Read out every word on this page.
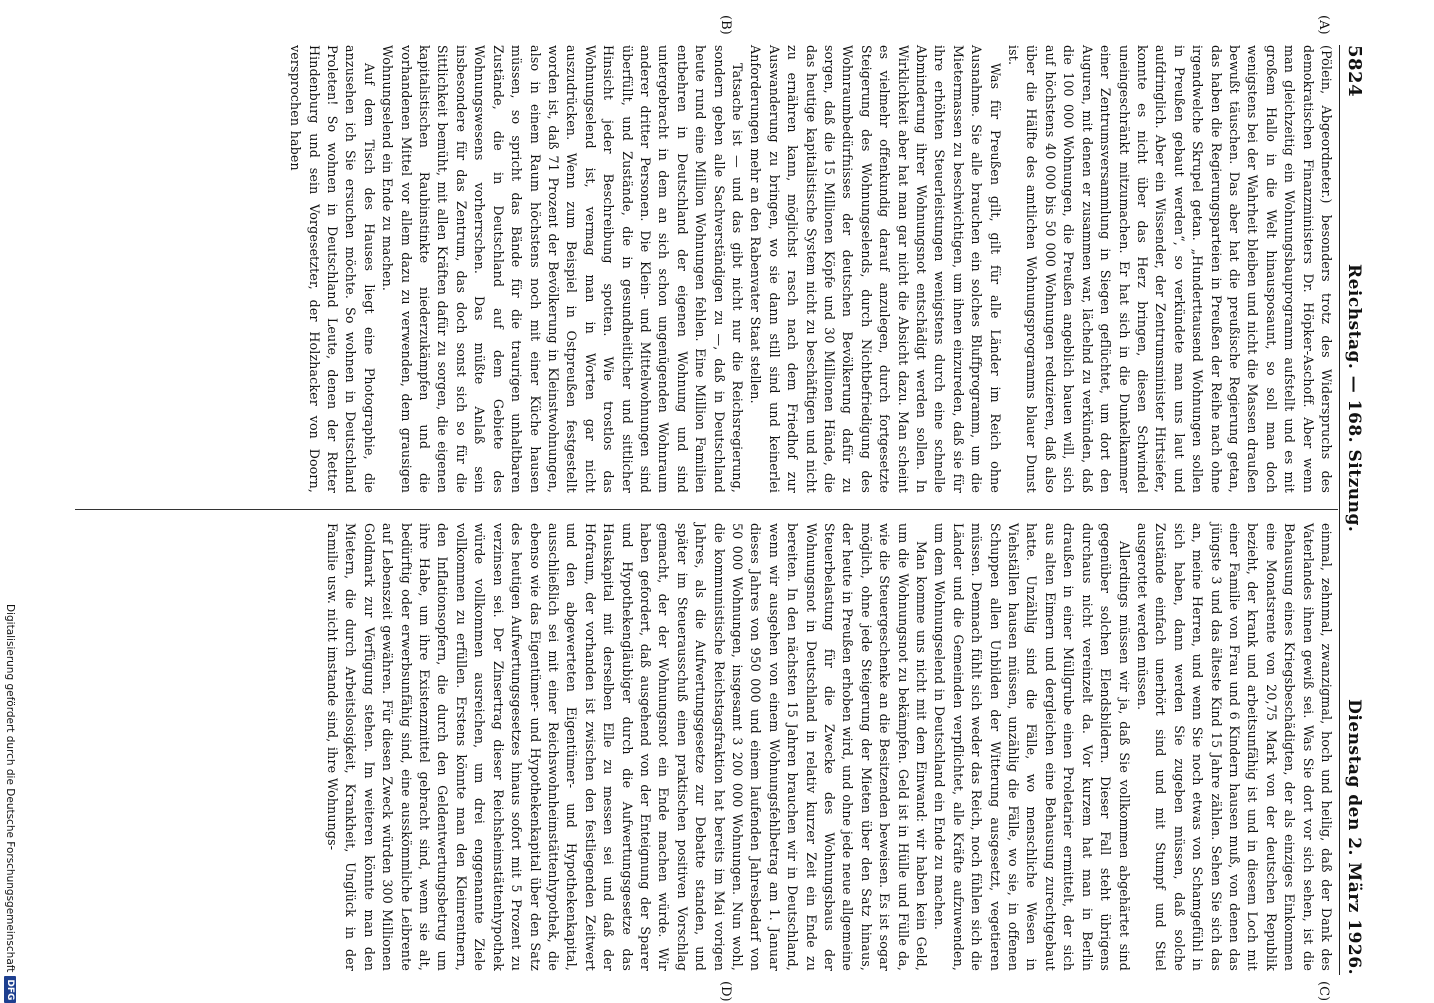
5824
Reichstag. — 168. Sitzung.
Dienstag den 2. März 1926.
(A)
(B)
(C)
(D)

(Pölein, Abgeordneter.) besonders trotz des Widerspruchs des demokratischen Finanzministers Dr. Höpker-Aschoff. Aber wenn man gleichzeitig ein Wohnungsbauprogramm aufstellt und es mit großem Hallo in die Welt hinausposaunt, so soll man doch wenigstens bei der Wahrheit bleiben und nicht die Massen draußen bewußt täuschen. Das aber hat die preußische Regierung getan, das haben die Regierungsparteien in Preußen der Reihe nach ohne irgendwelche Skrupel getan. „Hunderttausend Wohnungen sollen in Preußen gebaut werden“, so verkündete man uns laut und aufdringlich. Aber ein Wissender, der Zentrumsminister Hirtsiefer, konnte es nicht über das Herz bringen, diesen Schwindel uneingeschränkt mitzumachen. Er hat sich in die Dunkelkammer einer Zentrumsversammlung in Siegen geflüchtet, um dort den Auguren, mit denen er zusammen war, lächelnd zu verkünden, daß die 100 000 Wohnungen, die Preußen angeblich bauen will, sich auf höchstens 40 000 bis 50 000 Wohnungen reduzieren, daß also über die Hälfte des amtlichen Wohnungsprogramms blauer Dunst ist.

Was für Preußen gilt, gilt für alle Länder im Reich ohne Ausnahme. Sie alle brauchen ein solches Bluffprogramm, um die Mietermassen zu beschwichtigen, um ihnen einzureden, daß sie für ihre erhöhten Steuerleistungen wenigstens durch eine schnelle Abminderung ihrer Wohnungsnot entschädigt werden sollen. In Wirklichkeit aber hat man gar nicht die Absicht dazu. Man scheint es vielmehr offenkundig darauf anzulegen, durch fortgesetzte Steigerung des Wohnungselends, durch Nichtbefriedigung des Wohnraumbedürfnisses der deutschen Bevölkerung dafür zu sorgen, daß die 15 Millionen Köpfe und 30 Millionen Hände, die das heutige kapitalistische System nicht zu beschäftigen und nicht zu ernähren kann, möglichst rasch nach dem Friedhof zur Auswanderung zu bringen, wo sie dann still sind und keinerlei Anforderungen mehr an den Rabenvater Staat stellen.

Tatsache ist — und das gibt nicht nur die Reichsregierung, sondern geben alle Sachverständigen zu —, daß in Deutschland heute rund eine Million Wohnungen fehlen. Eine Million Familien entbehren in Deutschland der eigenen Wohnung und sind untergebracht in dem an sich schon ungenügenden Wohnraum anderer dritter Personen. Die Klein- und Mittelwohnungen sind überfüllt, und Zustände, die in gesundheitlicher und sittlicher Hinsicht jeder Beschreibung spotten. Wie trostlos das Wohnungselend ist, vermag man in Worten gar nicht auszudrücken. Wenn zum Beispiel in Ostpreußen festgestellt worden ist, daß 71 Prozent der Bevölkerung in Kleinstwohnungen, also in einem Raum höchstens noch mit einer Küche hausen müssen, so spricht das Bände für die traurigen unhaltbaren Zustände, die in Deutschland auf dem Gebiete des Wohnungswesens vorherrschen. Das müßte Anlaß sein insbesondere für das Zentrum, das doch sonst sich so für die Sittlichkeit bemüht, mit allen Kräften dafür zu sorgen, die eigenen kapitalistischen Raubinstinkte niederzukämpfen und die vorhandenen Mittel vor allem dazu zu verwenden, dem grausigen Wohnungselend ein Ende zu machen.

Auf dem Tisch des Hauses liegt eine Photographie, die anzusehen ich Sie ersuchen möchte. So wohnen in Deutschland Proleten! So wohnen in Deutschland Leute, denen der Retter Hindenburg und sein Vorgesetzter, der Holzhacker von Doorn, versprochen haben

einmal, zehnmal, zwanzigmal, hoch und heilig, daß der Dank des Vaterlandes ihnen gewiß sei. Was Sie dort vor sich sehen, ist die Behausung eines Kriegsbeschädigten, der als einziges Einkommen eine Monatsrente von 20,75 Mark von der deutschen Republik bezieht, der krank und arbeitsunfähig ist und in diesem Loch mit einer Familie von Frau und 6 Kindern hausen muß, von denen das jüngste 3 und das älteste Kind 15 Jahre zählen. Sehen Sie sich das an, meine Herren, und wenn Sie noch etwas von Schamgefühl in sich haben, dann werden Sie zugeben müssen, daß solche Zustände einfach unerhört sind und mit Stumpf und Stiel ausgerottet werden müssen.

Allerdings müssen wir ja, daß Sie vollkommen abgehärtet sind gegenüber solchen Elendsbildern. Dieser Fall steht übrigens durchaus nicht vereinzelt da. Vor kurzem hat man in Berlin draußen in einer Müllgrube einen Proletarier ermittelt, der sich aus alten Eimern und dergleichen eine Behausung zurechtgebaut hatte. Unzählig sind die Fälle, wo menschliche Wesen in Viehställen hausen müssen, unzählig die Fälle, wo sie, in offenen Schuppen allen Unbilden der Witterung ausgesetzt, vegetieren müssen. Demnach fühlt sich weder das Reich, noch fühlen sich die Länder und die Gemeinden verpflichtet, alle Kräfte aufzuwenden, um dem Wohnungselend in Deutschland ein Ende zu machen.

Man komme uns nicht mit dem Einwand: wir haben kein Geld, um die Wohnungsnot zu bekämpfen. Geld ist in Hülle und Fülle da, wie die Steuergeschenke an die Besitzenden beweisen. Es ist sogar möglich, ohne jede Steigerung der Mieten über den Satz hinaus, der heute in Preußen erhoben wird, und ohne jede neue allgemeine Steuerbelastung für die Zwecke des Wohnungsbaus der Wohnungsnot in Deutschland in relativ kurzer Zeit ein Ende zu bereiten. In den nächsten 15 Jahren brauchen wir in Deutschland, wenn wir ausgehen von einem Wohnungsfehlbetrag am 1. Januar dieses Jahres von 950 000 und einem laufenden Jahresbedarf von 50 000 Wohnungen, insgesamt 3 200 000 Wohnungen. Nun wohl, die kommunistische Reichstagsfraktion hat bereits im Mai vorigen Jahres, als die Aufwertungsgesetze zur Debatte standen, und später im Steuerausschuß einen praktischen positiven Vorschlag gemacht, der der Wohnungsnot ein Ende machen würde. Wir haben gefordert, daß ausgehend von der Enteignung der Sparer und Hypothekengläubiger durch die Aufwertungsgesetze das Hauskapital mit derselben Elle zu messen sei und daß der Hofraum, der vorhanden ist zwischen den festliegenden Zeitwert und den abgewerteten Eigentümer- und Hypothekenkapital, ausschließlich sei mit einer Reichswohnheimstättenhypothek, die ebenso wie das Eigentümer- und Hypothekenkapital über den Satz des heutigen Aufwertungsgesetzes hinaus sofort mit 5 Prozent zu verzinsen sei. Der Zinsertrag dieser Reichsheimstättenhypothek würde vollkommen ausreichen, um drei enggenannte Ziele vollkommen zu erfüllen. Erstens könnte man den Kleinrentnern, den Inflationsopfern, die durch den Geldentwertungsbetrug um ihre Habe, um ihre Existenzmittel gebracht sind, wenn sie alt, bedürftig oder erwerbsunfähig sind, eine ausskömmliche Leibrente auf Lebenszeit gewähren. Für diesen Zweck würden 300 Millionen Goldmark zur Verfügung stehen. Im weiteren könnte man den Mietern, die durch Arbeitslosigkeit, Krankheit, Unglück in der Familie usw. nicht imstande sind, ihre Wohnungs-

Digitalisierung gefördert durch die Deutsche Forschungsgemeinschaft
DFG
